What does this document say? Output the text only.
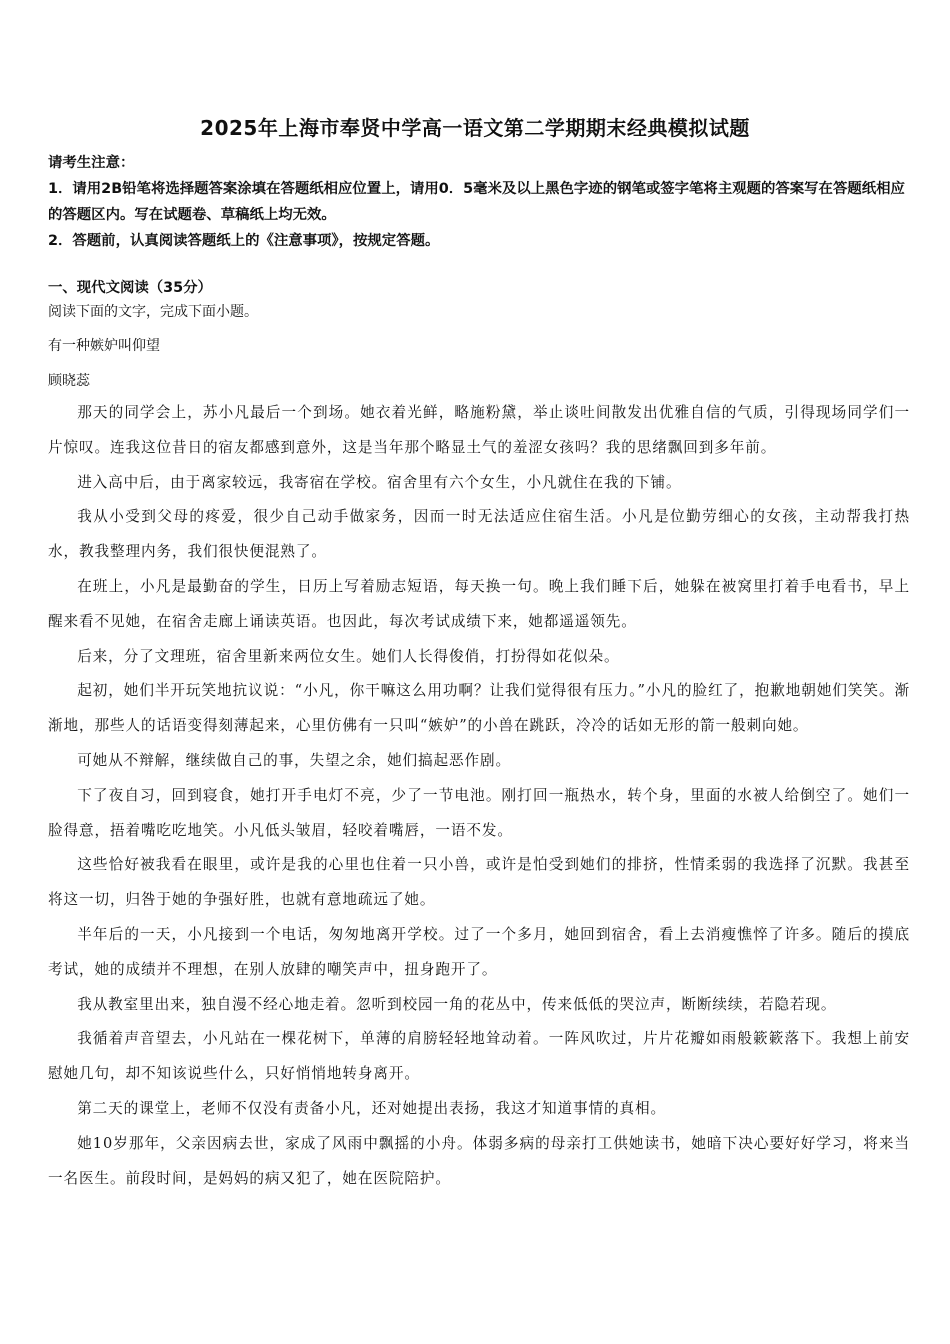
2025年上海市奉贤中学高一语文第二学期期末经典模拟试题

请考生注意：

1．请用2B铅笔将选择题答案涂填在答题纸相应位置上，请用0．5毫米及以上黑色字迹的钢笔或签字笔将主观题的答案写在答题纸相应的答题区内。写在试题卷、草稿纸上均无效。

2．答题前，认真阅读答题纸上的《注意事项》，按规定答题。

一、现代文阅读（35分）
阅读下面的文字，完成下面小题。
有一种嫉妒叫仰望
顾晓蕊

那天的同学会上，苏小凡最后一个到场。她衣着光鲜，略施粉黛，举止谈吐间散发出优雅自信的气质，引得现场同学们一片惊叹。连我这位昔日的宿友都感到意外，这是当年那个略显土气的羞涩女孩吗？我的思绪飘回到多年前。

进入高中后，由于离家较远，我寄宿在学校。宿舍里有六个女生，小凡就住在我的下铺。

我从小受到父母的疼爱，很少自己动手做家务，因而一时无法适应住宿生活。小凡是位勤劳细心的女孩，主动帮我打热水，教我整理内务，我们很快便混熟了。

在班上，小凡是最勤奋的学生，日历上写着励志短语，每天换一句。晚上我们睡下后，她躲在被窝里打着手电看书，早上醒来看不见她，在宿舍走廊上诵读英语。也因此，每次考试成绩下来，她都遥遥领先。

后来，分了文理班，宿舍里新来两位女生。她们人长得俊俏，打扮得如花似朵。

起初，她们半开玩笑地抗议说：“小凡，你干嘛这么用功啊？让我们觉得很有压力。”小凡的脸红了，抱歉地朝她们笑笑。渐渐地，那些人的话语变得刻薄起来，心里仿佛有一只叫“嫉妒”的小兽在跳跃，冷冷的话如无形的箭一般刺向她。

可她从不辩解，继续做自己的事，失望之余，她们搞起恶作剧。

下了夜自习，回到寝食，她打开手电灯不亮，少了一节电池。刚打回一瓶热水，转个身，里面的水被人给倒空了。她们一脸得意，捂着嘴吃吃地笑。小凡低头皱眉，轻咬着嘴唇，一语不发。

这些恰好被我看在眼里，或许是我的心里也住着一只小兽，或许是怕受到她们的排挤，性情柔弱的我选择了沉默。我甚至将这一切，归咎于她的争强好胜，也就有意地疏远了她。

半年后的一天，小凡接到一个电话，匆匆地离开学校。过了一个多月，她回到宿舍，看上去消瘦憔悴了许多。随后的摸底考试，她的成绩并不理想，在别人放肆的嘲笑声中，扭身跑开了。

我从教室里出来，独自漫不经心地走着。忽听到校园一角的花丛中，传来低低的哭泣声，断断续续，若隐若现。

我循着声音望去，小凡站在一棵花树下，单薄的肩膀轻轻地耸动着。一阵风吹过，片片花瓣如雨般簌簌落下。我想上前安慰她几句，却不知该说些什么，只好悄悄地转身离开。

第二天的课堂上，老师不仅没有责备小凡，还对她提出表扬，我这才知道事情的真相。

她10岁那年，父亲因病去世，家成了风雨中飘摇的小舟。体弱多病的母亲打工供她读书，她暗下决心要好好学习，将来当一名医生。前段时间，是妈妈的病又犯了，她在医院陪护。
